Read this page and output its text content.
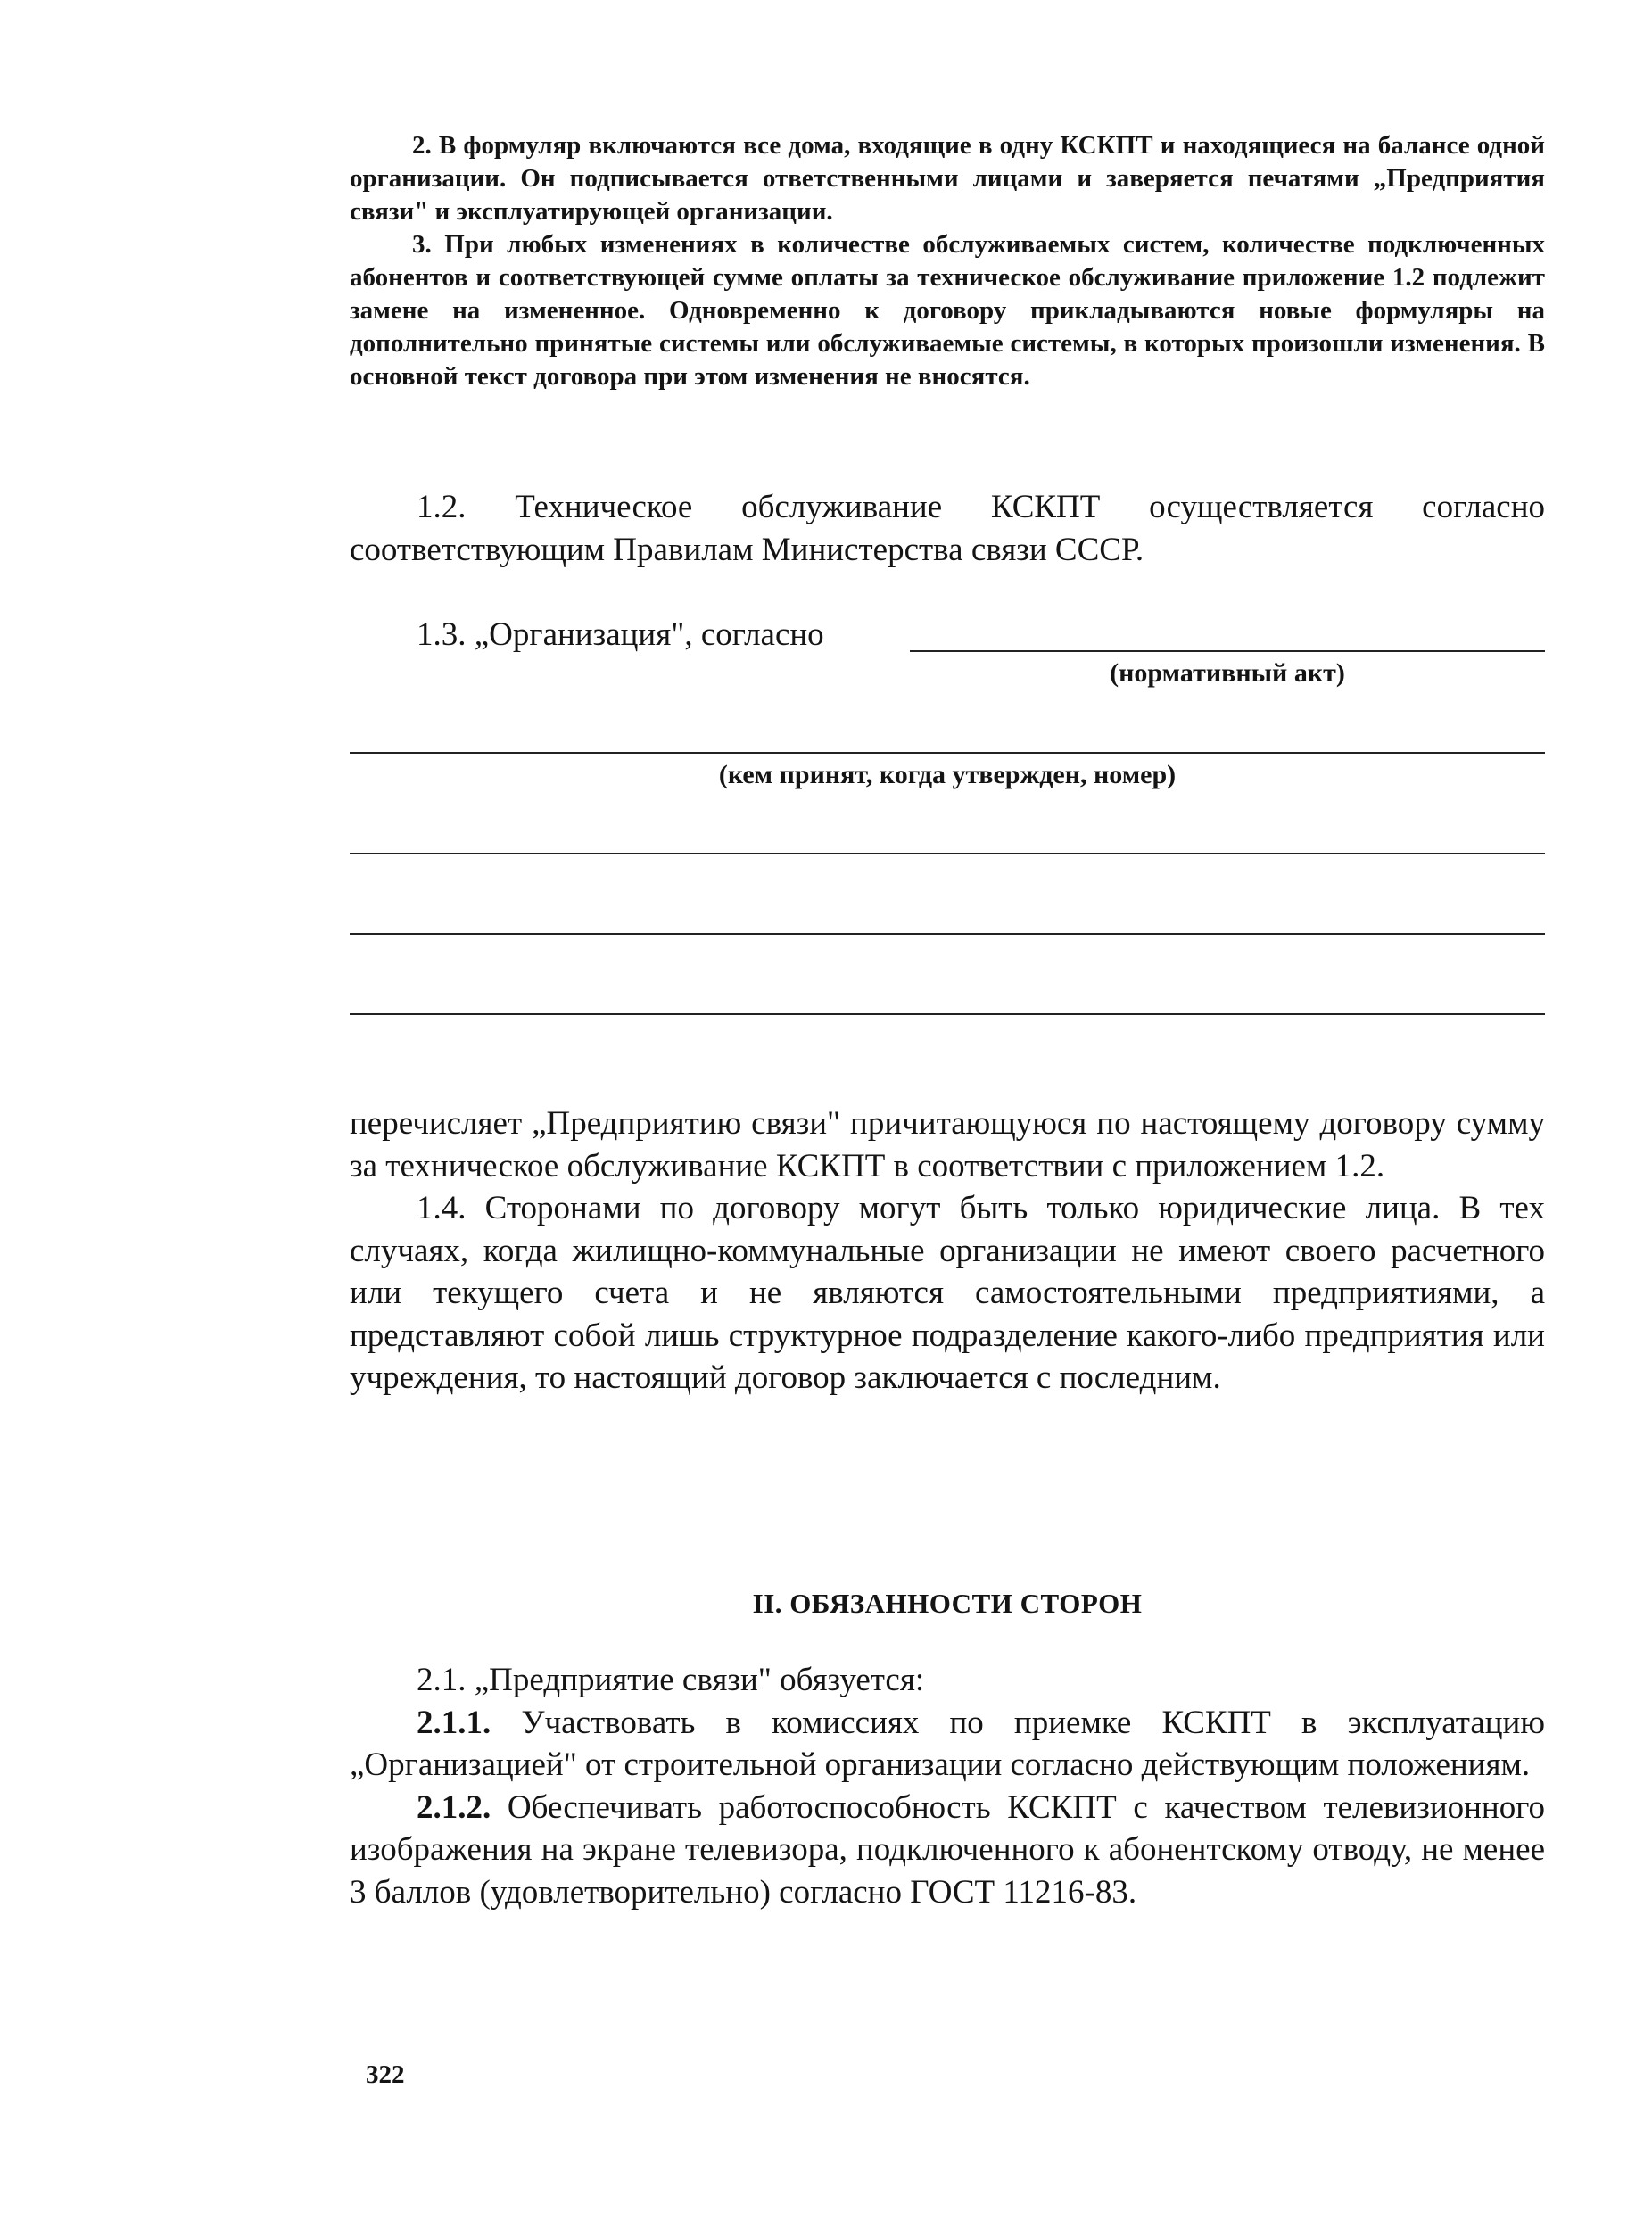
2. В формуляр включаются все дома, входящие в одну КСКПТ и находящиеся на балансе одной организации. Он подписывается ответственными лицами и заверяется печатями „Предприятия связи" и эксплуатирующей организации.

3. При любых изменениях в количестве обслуживаемых систем, количестве подключенных абонентов и соответствующей сумме оплаты за техническое обслуживание приложение 1.2 подлежит замене на измененное. Одновременно к договору прикладываются новые формуляры на дополнительно принятые системы или обслуживаемые системы, в которых произошли изменения. В основной текст договора при этом изменения не вносятся.

1.2. Техническое обслуживание КСКПТ осуществляется согласно соответствующим Правилам Министерства связи СССР.

1.3. „Организация", согласно
(нормативный акт)
(кем принят, когда утвержден, номер)

перечисляет „Предприятию связи" причитающуюся по настоящему договору сумму за техническое обслуживание КСКПТ в соответствии с приложением 1.2.

1.4. Сторонами по договору могут быть только юридические лица. В тех случаях, когда жилищно-коммунальные организации не имеют своего расчетного или текущего счета и не являются самостоятельными предприятиями, а представляют собой лишь структурное подразделение какого-либо предприятия или учреждения, то настоящий договор заключается с последним.

II. ОБЯЗАННОСТИ СТОРОН

2.1. „Предприятие связи" обязуется:

2.1.1. Участвовать в комиссиях по приемке КСКПТ в эксплуатацию „Организацией" от строительной организации согласно действующим положениям.

2.1.2. Обеспечивать работоспособность КСКПТ с качеством телевизионного изображения на экране телевизора, подключенного к абонентскому отводу, не менее 3 баллов (удовлетворительно) согласно ГОСТ 11216-83.

322
